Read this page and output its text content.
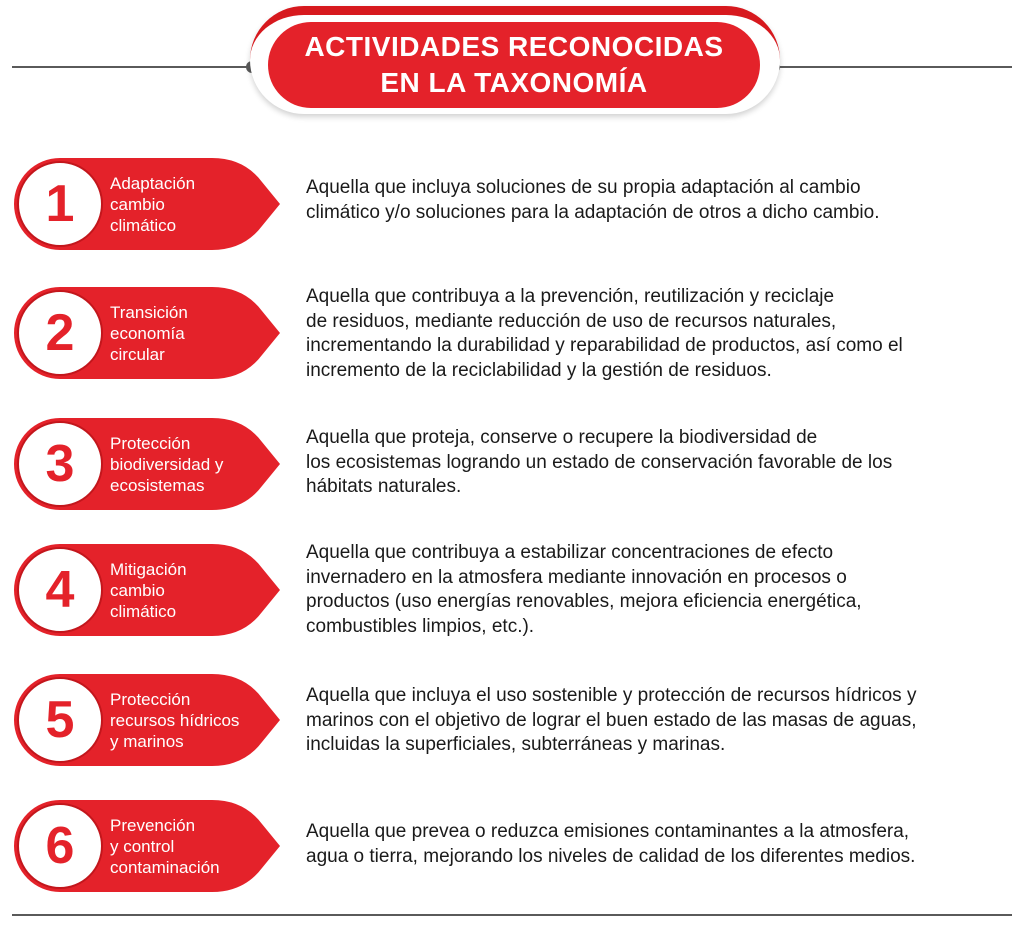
ACTIVIDADES RECONOCIDAS
EN LA TAXONOMÍA
1	Adaptación
cambio
climático
Aquella que incluya soluciones de su propia adaptación al cambio
climático y/o soluciones para la adaptación de otros a dicho cambio.
2	Transición
economía
circular
Aquella que contribuya a la prevención, reutilización y reciclaje
de residuos, mediante reducción de uso de recursos naturales,
incrementando la durabilidad y reparabilidad de productos, así como el
incremento de la reciclabilidad y la gestión de residuos.
3	Protección
biodiversidad y
ecosistemas
Aquella que proteja, conserve o recupere la biodiversidad de
los ecosistemas logrando un estado de conservación favorable de los
hábitats naturales.
4	Mitigación
cambio
climático
Aquella que contribuya a estabilizar concentraciones de efecto
invernadero en la atmosfera mediante innovación en procesos o
productos (uso energías renovables, mejora eficiencia energética,
combustibles limpios, etc.).
5	Protección
recursos hídricos
y marinos
Aquella que incluya el uso sostenible y protección de recursos hídricos y
marinos con el objetivo de lograr el buen estado de las masas de aguas,
incluidas la superficiales, subterráneas y marinas.
6	Prevención
y control
contaminación
Aquella que prevea o reduzca emisiones contaminantes a la atmosfera,
agua o tierra, mejorando los niveles de calidad de los diferentes medios.
